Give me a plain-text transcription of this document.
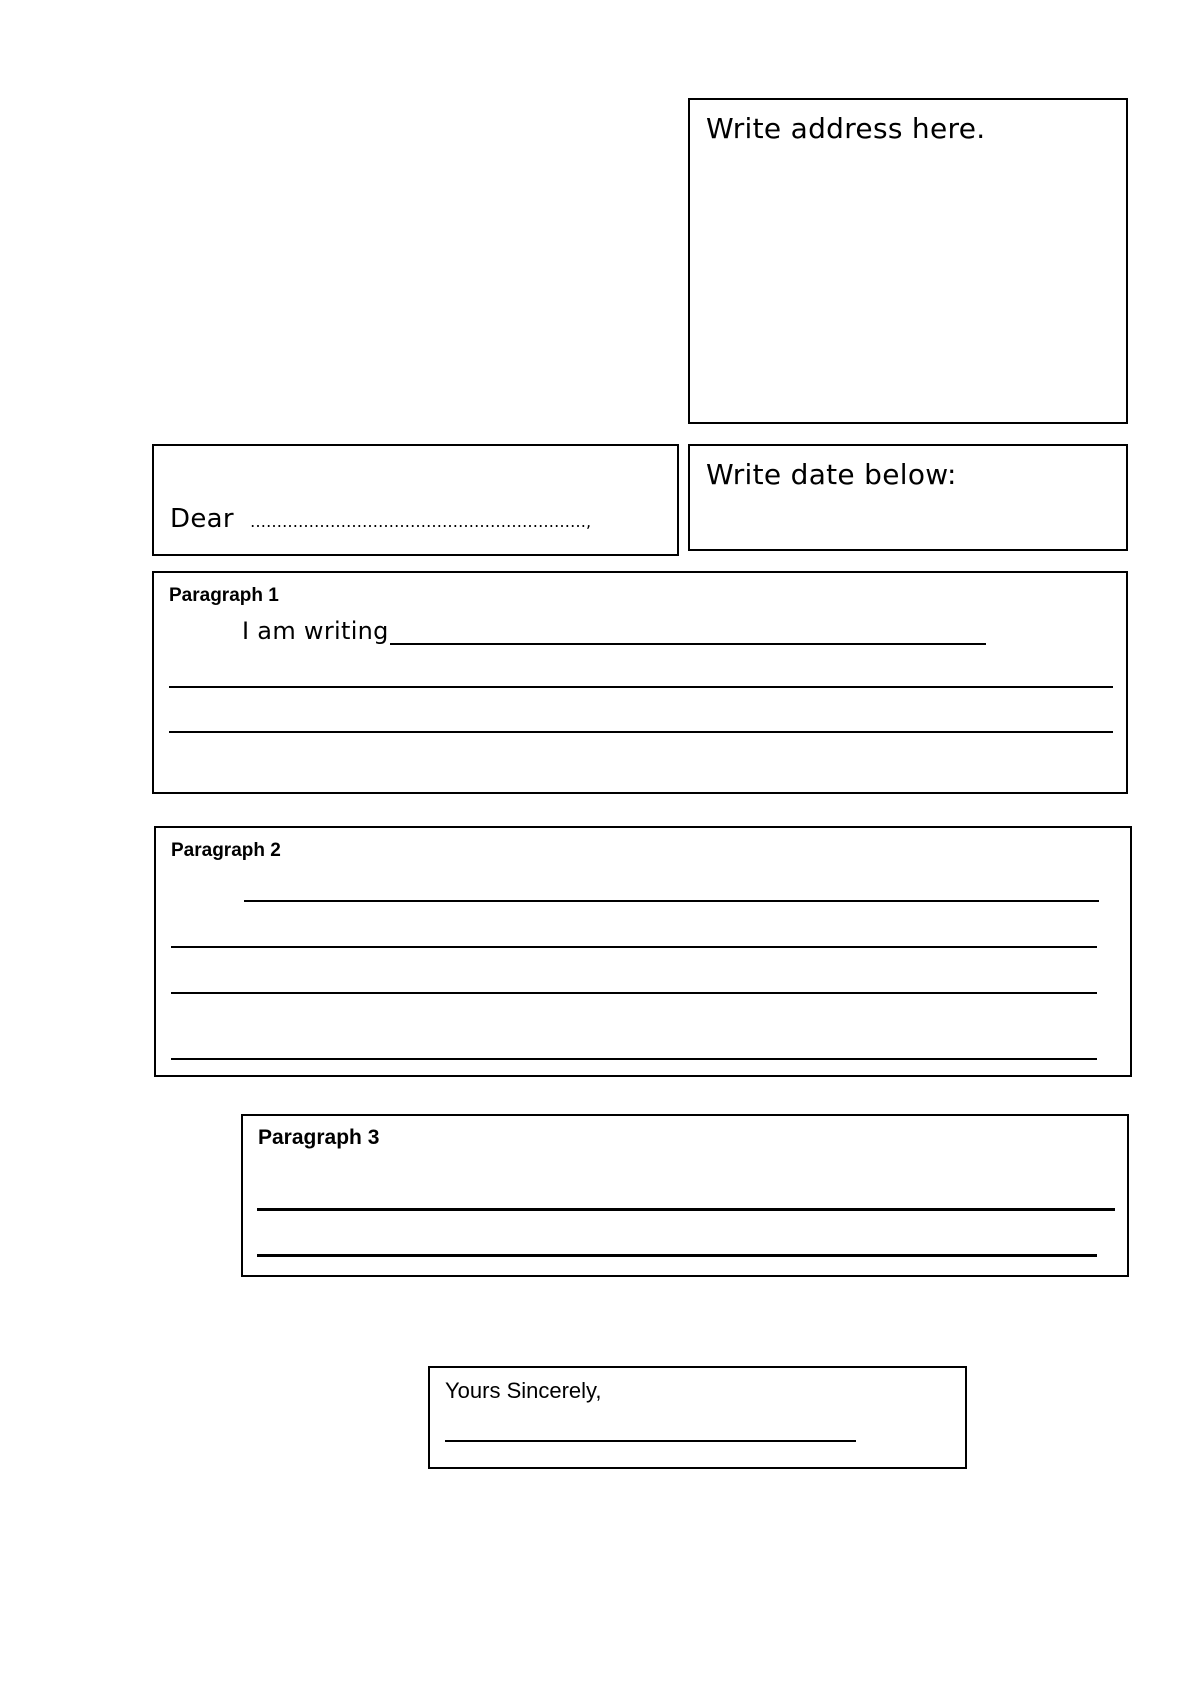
Write address here.
Dear ………………………………………………………,
Write date below:
Paragraph 1
I am writing
Paragraph 2
Paragraph 3
Yours Sincerely,
